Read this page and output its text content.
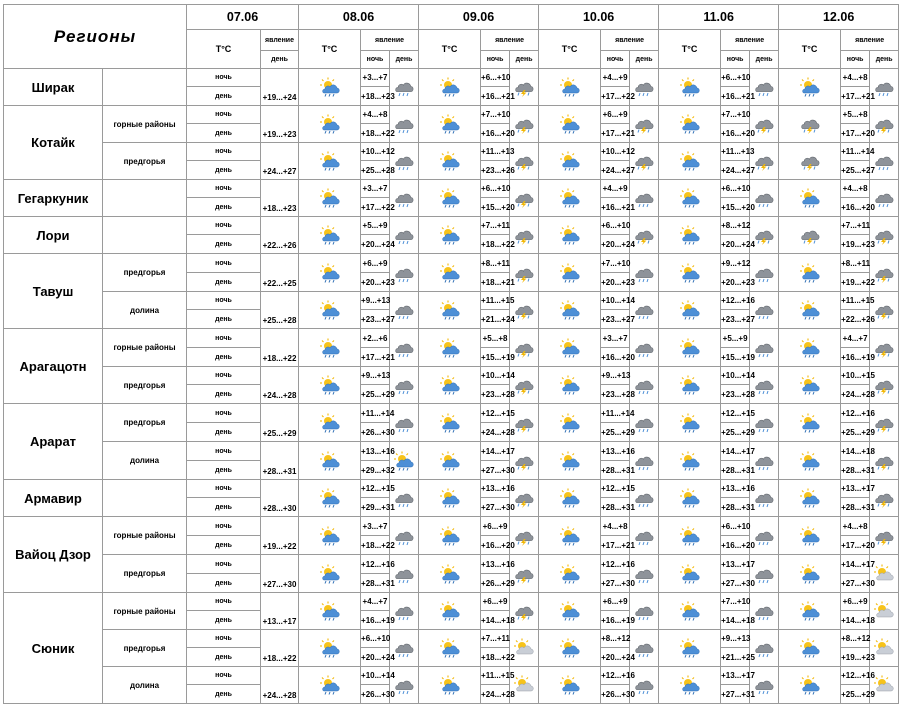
Регионы		07.06		08.06			09.06			10.06			11.06			12.06			
		T°C	явление	T°C	явление		T°C	явление		T°C	явление		T°C	явление		T°C	явление		
			день		ночь	день		ночь	день		ночь	день		ночь	день		ночь	день	
Ширак		ночь	+19...+24		+3...+7			+6...+10			+4...+9			+6...+10			+4...+8	

		день			+18...+23			+16...+21			+17...+22			+16...+21			+17...+21		
Котайк	горные районы	ночь	+19...+23		+4...+8			+7...+10			+6...+9			+7...+10			+5...+8	

		день			+18...+22			+16...+20			+17...+21			+16...+20			+17...+20		
	предгорья	ночь	+24...+27		+10...+12			+11...+13			+10...+12			+11...+13			+11...+14	

		день			+25...+28			+23...+26			+24...+27			+24...+27			+25...+27		
Гегаркуник		ночь	+18...+23		+3...+7			+6...+10			+4...+9			+6...+10			+4...+8	

		день			+17...+22			+15...+20			+16...+21			+15...+20			+16...+20		
Лори		ночь	+22...+26		+5...+9			+7...+11			+6...+10			+8...+12			+7...+11	

		день			+20...+24			+18...+22			+20...+24			+20...+24			+19...+23		
Тавуш	предгорья	ночь	+22...+25		+6...+9			+8...+11			+7...+10			+9...+12			+8...+11	

		день			+20...+23			+18...+21			+20...+23			+20...+23			+19...+22		
	долина	ночь	+25...+28		+9...+13			+11...+15			+10...+14			+12...+16			+11...+15	

		день			+23...+27			+21...+24			+23...+27			+23...+27			+22...+26		
Арагацотн	горные районы	ночь	+18...+22		+2...+6			+5...+8			+3...+7			+5...+9			+4...+7	

		день			+17...+21			+15...+19			+16...+20			+15...+19			+16...+19		
	предгорья	ночь	+24...+28		+9...+13			+10...+14			+9...+13			+10...+14			+10...+15	

		день			+25...+29			+23...+28			+23...+28			+23...+28			+24...+28		
Арарат	предгорья	ночь	+25...+29		+11...+14			+12...+15			+11...+14			+12...+15			+12...+16	

		день			+26...+30			+24...+28			+25...+29			+25...+29			+25...+29		
	долина	ночь	+28...+31		+13...+16			+14...+17			+13...+16			+14...+17			+14...+18	

		день			+29...+32			+27...+30			+28...+31			+28...+31			+28...+31		
Армавир		ночь	+28...+30		+12...+15			+13...+16			+12...+15			+13...+16			+13...+17	

		день			+29...+31			+27...+30			+28...+31			+28...+31			+28...+31		
Вайоц Дзор	горные районы	ночь	+19...+22		+3...+7			+6...+9			+4...+8			+6...+10			+4...+8	

		день			+18...+22			+16...+20			+17...+21			+16...+20			+17...+20		
	предгорья	ночь	+27...+30		+12...+16			+13...+16			+12...+16			+13...+17			+14...+17	

		день			+28...+31			+26...+29			+27...+30			+27...+30			+27...+30		
Сюник	горные районы	ночь	+13...+17		+4...+7			+6...+9			+6...+9			+7...+10			+6...+9	

		день			+16...+19			+14...+18			+16...+19			+14...+18			+14...+18		
	предгорья	ночь	+18...+22		+6...+10			+7...+11			+8...+12			+9...+13			+8...+12	

		день			+20...+24			+18...+22			+20...+24			+21...+25			+19...+23		
	долина	ночь	+24...+28		+10...+14			+11...+15			+12...+16			+13...+17			+12...+16	

		день			+26...+30			+24...+28			+26...+30			+27...+31			+25...+29		
